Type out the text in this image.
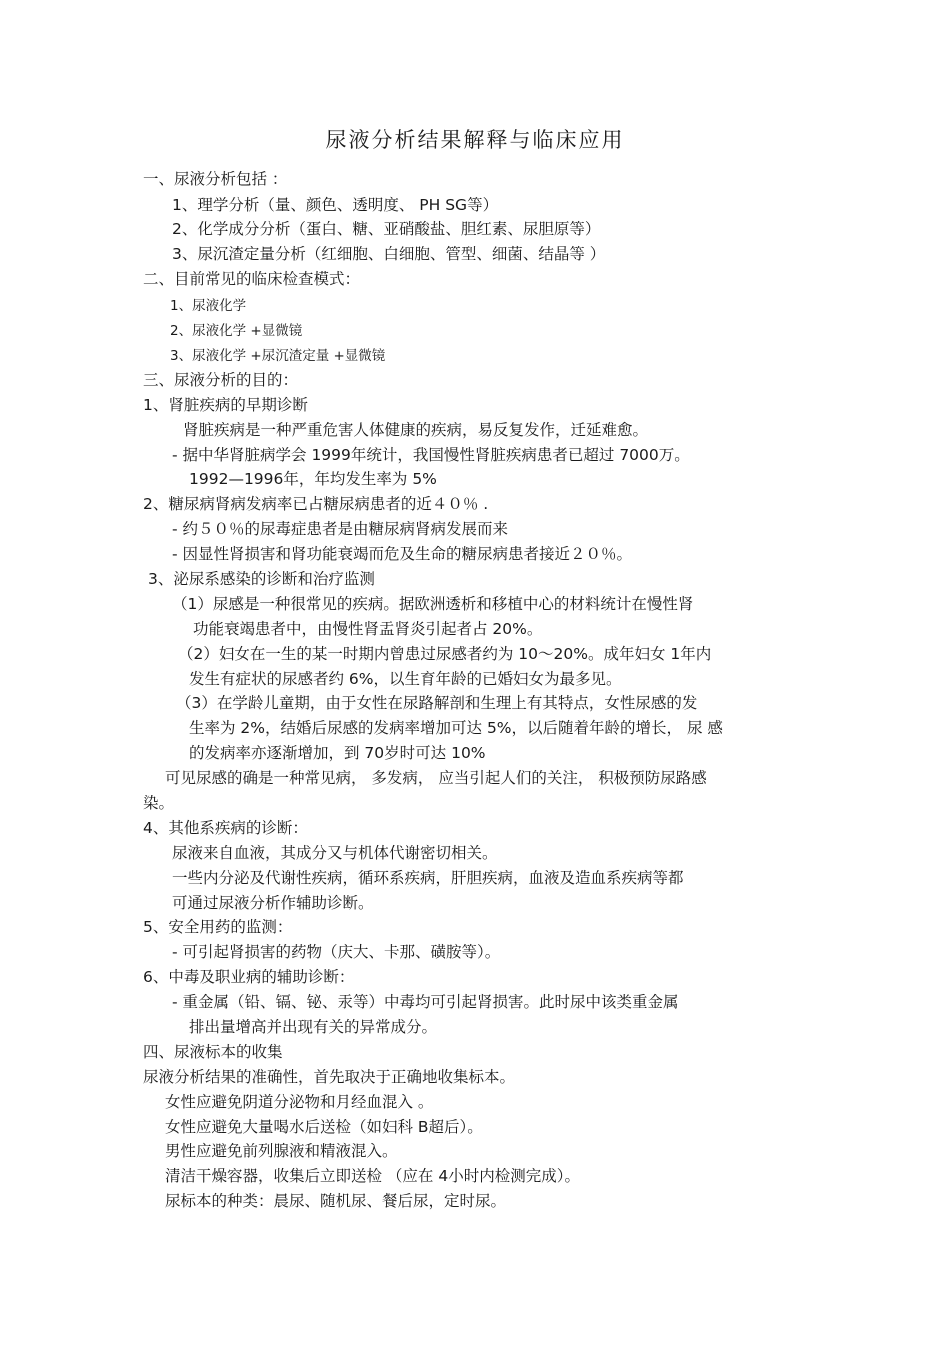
尿液分析结果解释与临床应用
一、尿液分析包括 ：
1、理学分析（量、颜色、透明度、 PH SG等）
2、化学成分分析（蛋白、糖、亚硝酸盐、胆红素、尿胆原等）
3、尿沉渣定量分析（红细胞、白细胞、管型、细菌、结晶等 ）
二、目前常见的临床检查模式：
1、尿液化学
2、尿液化学 +显微镜
3、尿液化学 +尿沉渣定量 +显微镜
三、尿液分析的目的：
1、肾脏疾病的早期诊断
肾脏疾病是一种严重危害人体健康的疾病，易反复发作，迁延难愈。
- 据中华肾脏病学会 1999年统计，我国慢性肾脏疾病患者已超过 7000万。
1992—1996年，年均发生率为 5%
2、糖尿病肾病发病率已占糖尿病患者的近４０％ .
- 约５０％的尿毒症患者是由糖尿病肾病发展而来
- 因显性肾损害和肾功能衰竭而危及生命的糖尿病患者接近２０％。
3、泌尿系感染的诊断和治疗监测
（1）尿感是一种很常见的疾病。据欧洲透析和移植中心的材料统计在慢性肾
功能衰竭患者中，由慢性肾盂肾炎引起者占 20%。
（2）妇女在一生的某一时期内曾患过尿感者约为 10～20%。成年妇女 1年内
发生有症状的尿感者约 6%，以生育年龄的已婚妇女为最多见。
（3）在学龄儿童期，由于女性在尿路解剖和生理上有其特点，女性尿感的发
生率为 2%，结婚后尿感的发病率增加可达 5%，以后随着年龄的增长， 尿 感
的发病率亦逐渐增加，到 70岁时可达 10%
可见尿感的确是一种常见病， 多发病， 应当引起人们的关注， 积极预防尿路感
染。
4、其他系疾病的诊断：
尿液来自血液，其成分又与机体代谢密切相关。
一些内分泌及代谢性疾病，循环系疾病，肝胆疾病，血液及造血系疾病等都
可通过尿液分析作辅助诊断。
5、安全用药的监测：
- 可引起肾损害的药物（庆大、卡那、磺胺等）。
6、中毒及职业病的辅助诊断：
- 重金属（铅、镉、铋、汞等）中毒均可引起肾损害。此时尿中该类重金属
排出量增高并出现有关的异常成分。
四、尿液标本的收集
尿液分析结果的准确性，首先取决于正确地收集标本。
女性应避免阴道分泌物和月经血混入 。
女性应避免大量喝水后送检（如妇科 B超后）。
男性应避免前列腺液和精液混入。
清洁干燥容器，收集后立即送检 （应在 4小时内检测完成）。
尿标本的种类：晨尿、随机尿、餐后尿，定时尿。
